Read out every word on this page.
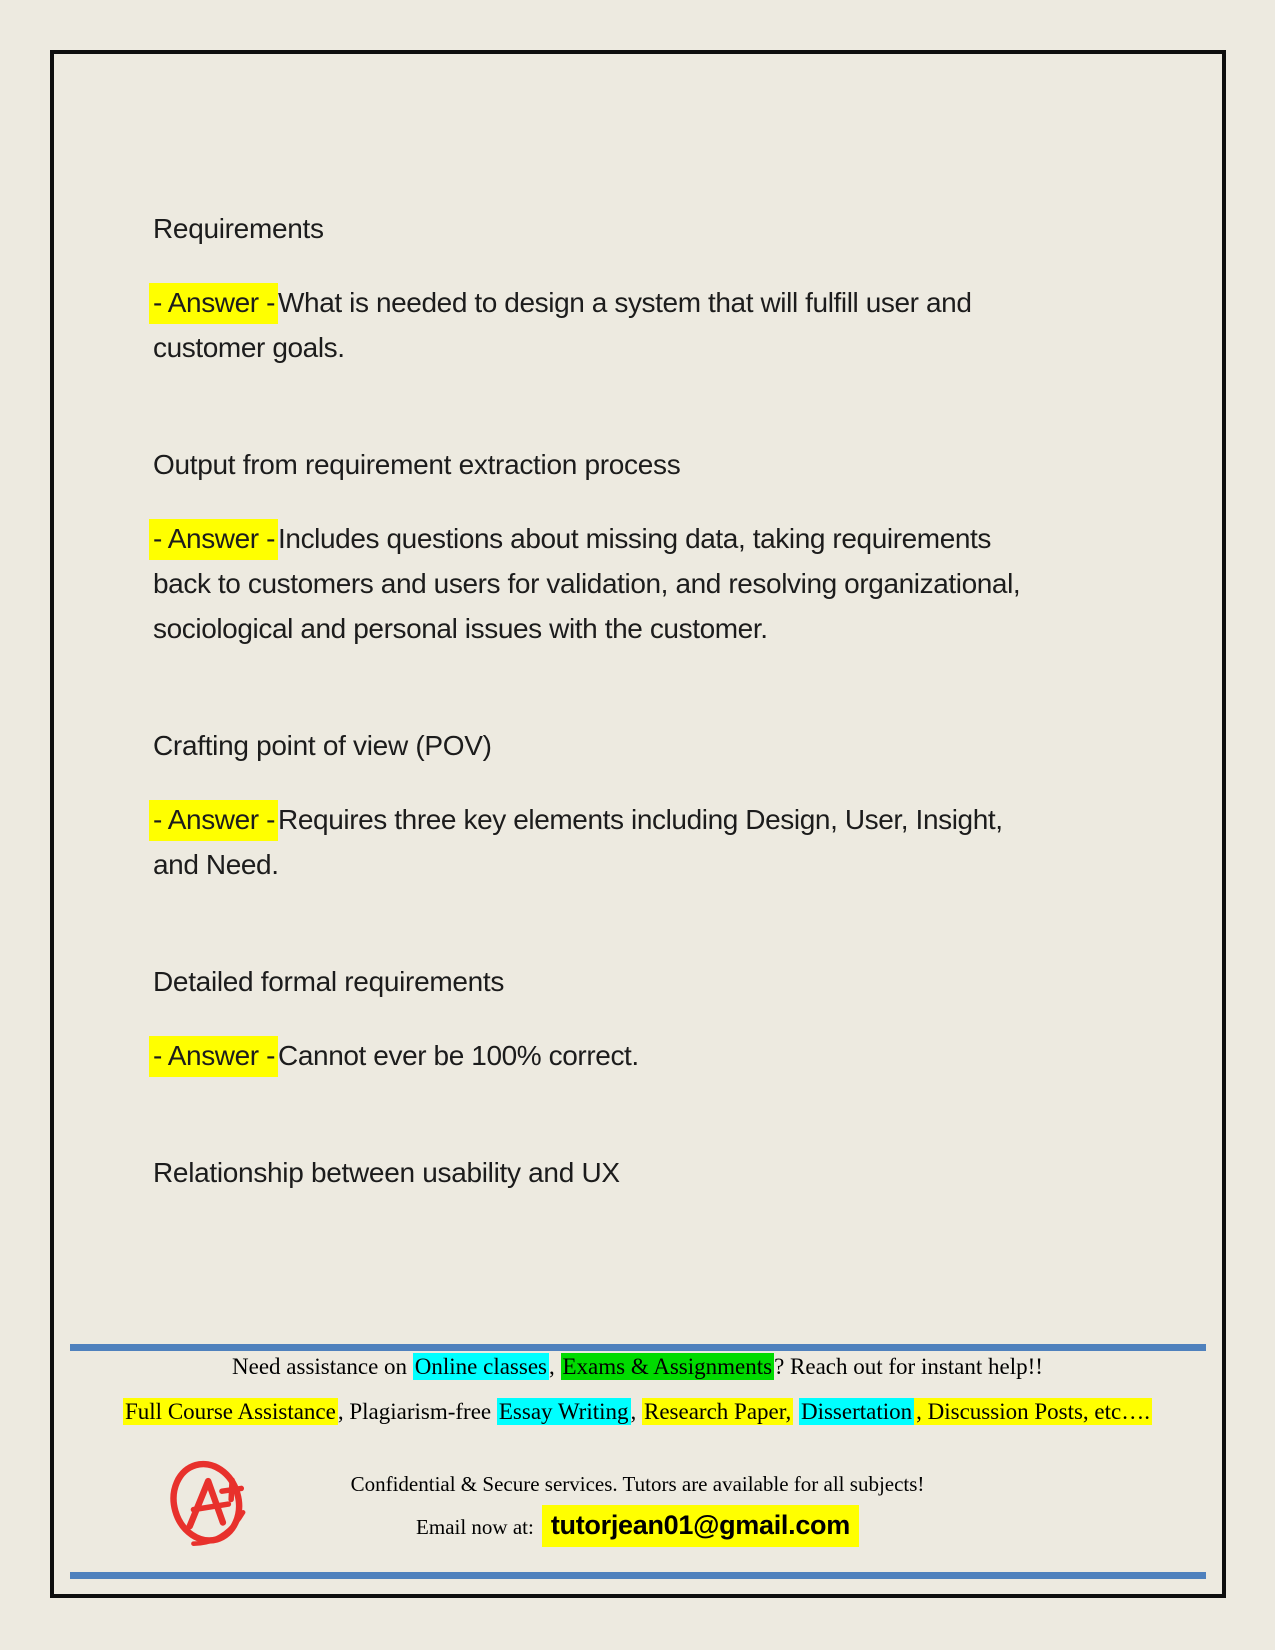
Requirements

- Answer - What is needed to design a system that will fulfill user and
customer goals.

Output from requirement extraction process

- Answer - Includes questions about missing data, taking requirements
back to customers and users for validation, and resolving organizational,
sociological and personal issues with the customer.

Crafting point of view (POV)

- Answer - Requires three key elements including Design, User, Insight,
and Need.

Detailed formal requirements

- Answer - Cannot ever be 100% correct.

Relationship between usability and UX

Need assistance on Online classes, Exams & Assignments? Reach out for instant help!!
Full Course Assistance, Plagiarism-free Essay Writing, Research Paper, Dissertation , Discussion Posts, etc….
Confidential & Secure services. Tutors are available for all subjects!
Email now at: tutorjean01@gmail.com
